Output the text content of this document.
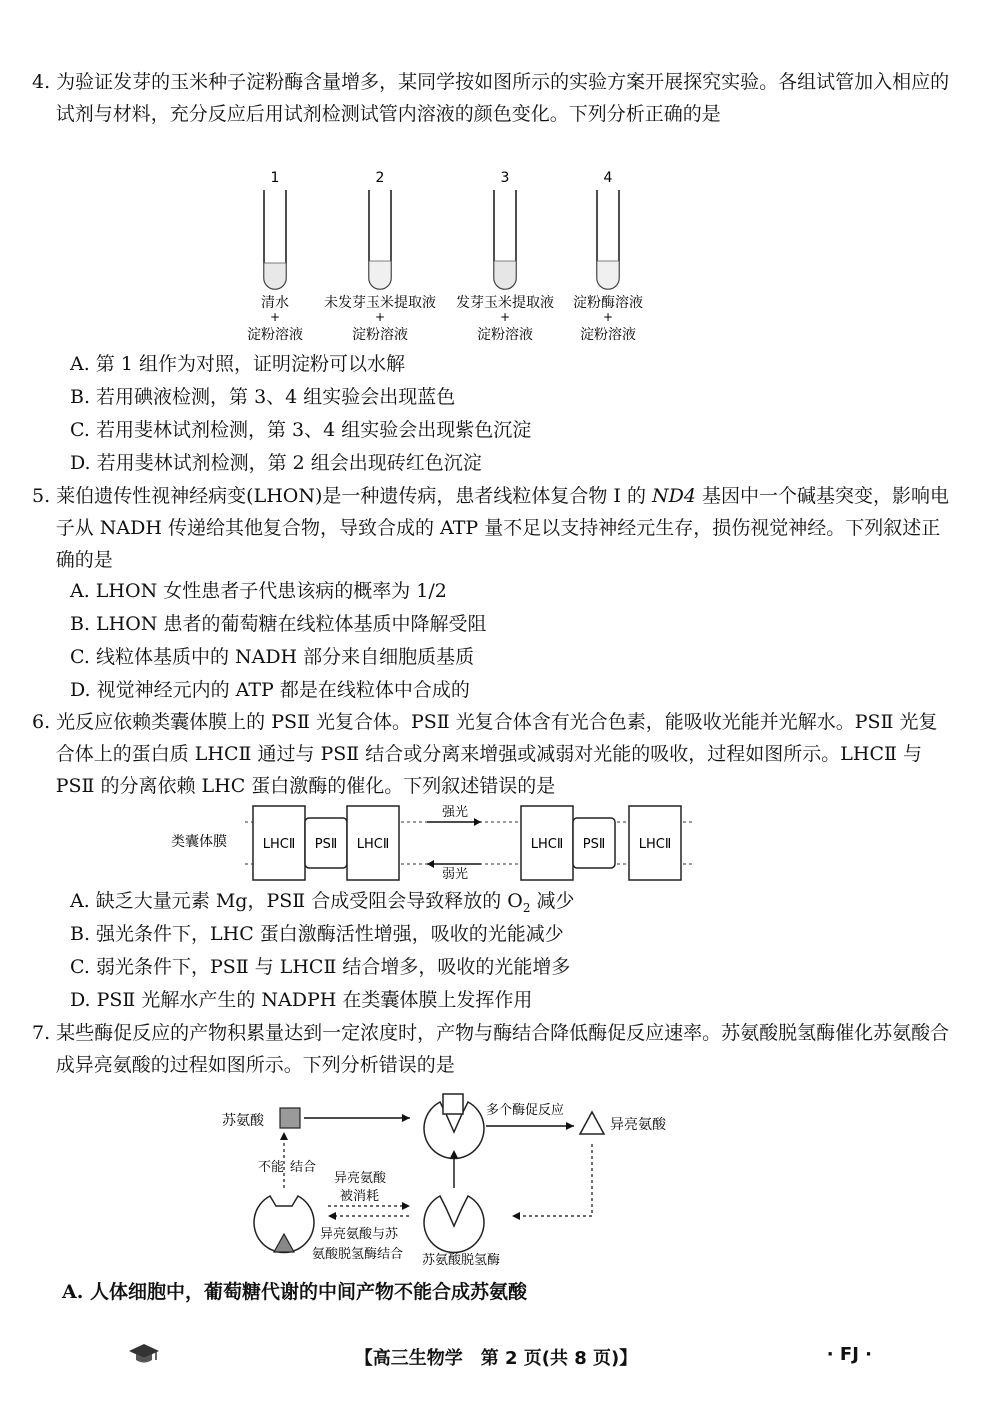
4. 为验证发芽的玉米种子淀粉酶含量增多，某同学按如图所示的实验方案开展探究实验。各组试管加入相应的试剂与材料，充分反应后用试剂检测试管内溶液的颜色变化。下列分析正确的是
1
清水
+
淀粉溶液
2
未发芽玉米提取液
+
淀粉溶液
3
发芽玉米提取液
+
淀粉溶液
4
淀粉酶溶液
+
淀粉溶液
A. 第 1 组作为对照，证明淀粉可以水解
B. 若用碘液检测，第 3、4 组实验会出现蓝色
C. 若用斐林试剂检测，第 3、4 组实验会出现紫色沉淀
D. 若用斐林试剂检测，第 2 组会出现砖红色沉淀
5. 莱伯遗传性视神经病变(LHON)是一种遗传病，患者线粒体复合物 Ⅰ 的 ND4 基因中一个碱基突变，影响电子从 NADH 传递给其他复合物，导致合成的 ATP 量不足以支持神经元生存，损伤视觉神经。下列叙述正确的是
A. LHON 女性患者子代患该病的概率为 1/2
B. LHON 患者的葡萄糖在线粒体基质中降解受阻
C. 线粒体基质中的 NADH 部分来自细胞质基质
D. 视觉神经元内的 ATP 都是在线粒体中合成的
6. 光反应依赖类囊体膜上的 PSⅡ 光复合体。PSⅡ 光复合体含有光合色素，能吸收光能并光解水。PSⅡ 光复合体上的蛋白质 LHCⅡ 通过与 PSⅡ 结合或分离来增强或减弱对光能的吸收，过程如图所示。LHCⅡ 与 PSⅡ 的分离依赖 LHC 蛋白激酶的催化。下列叙述错误的是
类囊体膜	LHCⅡ PSⅡ LHCⅡ
强光
弱光
LHCⅡ PSⅡ	LHCⅡ
A. 缺乏大量元素 Mg，PSⅡ 合成受阻会导致释放的 $O_2$ 减少
B. 强光条件下，LHC 蛋白激酶活性增强，吸收的光能减少
C. 弱光条件下，PSⅡ 与 LHCⅡ 结合增多，吸收的光能增多
D. PSⅡ 光解水产生的 NADPH 在类囊体膜上发挥作用
7. 某些酶促反应的产物积累量达到一定浓度时，产物与酶结合降低酶促反应速率。苏氨酸脱氢酶催化苏氨酸合成异亮氨酸的过程如图所示。下列分析错误的是
苏氨酸
多个酶促反应
异亮氨酸
苏氨酸脱氢酶
不能 结合
异亮氨酸
被消耗
异亮氨酸与苏
氨酸脱氢酶结合
A. 人体细胞中，葡萄糖代谢的中间产物不能合成苏氨酸
【高三生物学　第 2 页(共 8 页)】	· FJ ·
